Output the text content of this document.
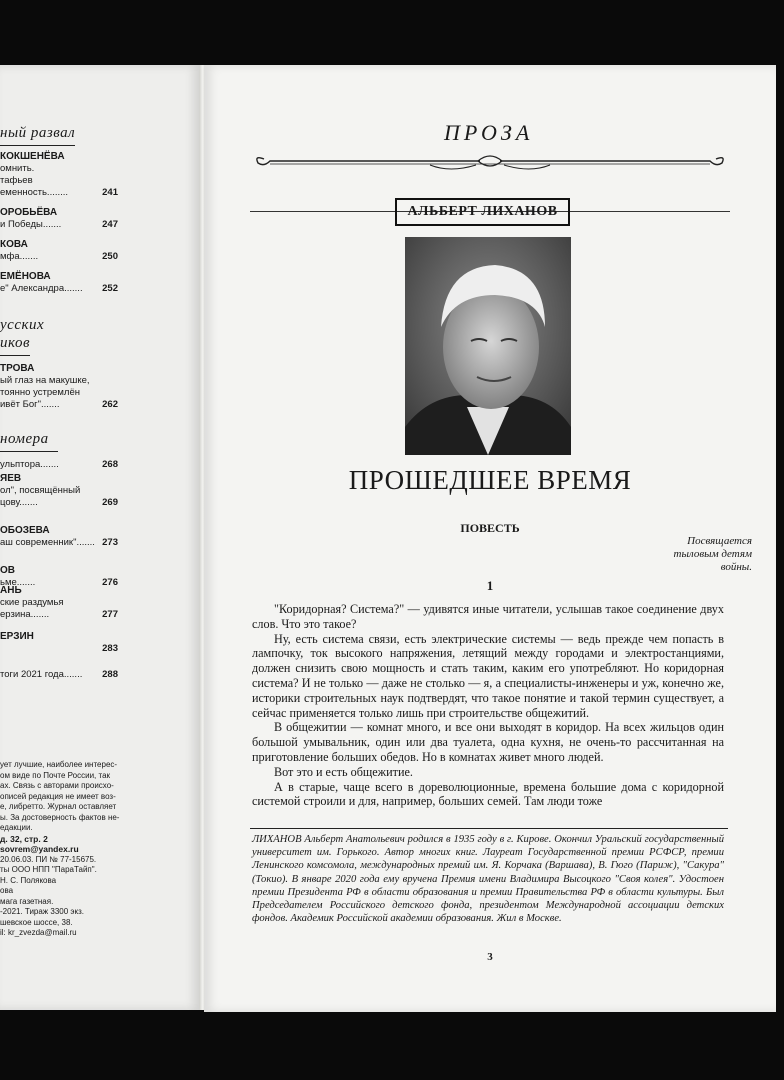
ный развал
КОКШЕНЁВА
омнить.
тафьев
241
еменность........
ОРОБЬЁВА
247
и Победы.......
КОВА
250
мфа.......
ЕМЁНОВА
252
е" Александра.......
усских
иков
ТРОВА
ый глаз на макушке,
тоянно устремлён
262
ивёт Бог".......
номера
268
ульптора.......
ЯЕВ
ол", посвящённый
269
цову.......
ОБОЗЕВА
273
аш современник".......
ОВ
276
ьме.......
АНЬ
ские раздумья
277
ерзина.......
ЕРЗИН
283
288
тоги 2021 года.......
ует лучшие, наиболее интерес-
ом виде по Почте России, так
ах. Связь с авторами происхо-
описей редакция не имеет воз-
е, либретто. Журнал оставляет
ы. За достоверность фактов не-
едакции.
д. 32, стр. 2
sovrem@yandex.ru
20.06.03. ПИ № 77-15675.
ты ООО НПП "ПараТайп".
Н. С. Полякова
ова
мага газетная.
-2021. Тираж 3300 экз.
шевское шоссе, 38.
il: kr_zvezda@mail.ru
ПРОЗА
АЛЬБЕРТ ЛИХАНОВ
ПРОШЕДШЕЕ ВРЕМЯ
ПОВЕСТЬ
Посвящается
тыловым детям
войны.
1

"Коридорная? Система?" — удивятся иные читатели, услышав такое соединение двух слов. Что это такое?

Ну, есть система связи, есть электрические системы — ведь прежде чем попасть в лампочку, ток высокого напряжения, летящий между городами и электростанциями, должен снизить свою мощность и стать таким, каким его употребляют. Но коридорная система? И не только — даже не столько — я, а специалисты-инженеры и уж, конечно же, историки строительных наук подтвердят, что такое понятие и такой термин существует, а сейчас применяется только лишь при строительстве общежитий.

В общежитии — комнат много, и все они выходят в коридор. На всех жильцов один большой умывальник, один или два туалета, одна кухня, не очень-то рассчитанная на приготовление больших обедов. Но в комнатах живет много людей.

Вот это и есть общежитие.

А в старые, чаще всего в дореволюционные, времена большие дома с коридорной системой строили и для, например, больших семей. Там люди тоже

ЛИХАНОВ Альберт Анатольевич родился в 1935 году в г. Кирове. Окончил Уральский государственный университет им. Горького. Автор многих книг. Лауреат Государственной премии РСФСР, премии Ленинского комсомола, международных премий им. Я. Корчака (Варшава), В. Гюго (Париж), "Сакура" (Токио). В январе 2020 года ему вручена Премия имени Владимира Высоцкого "Своя колея". Удостоен премии Президента РФ в области образования и премии Правительства РФ в области культуры. Был Председателем Российского детского фонда, президентом Международной ассоциации детских фондов. Академик Российской академии образования. Жил в Москве.
3
